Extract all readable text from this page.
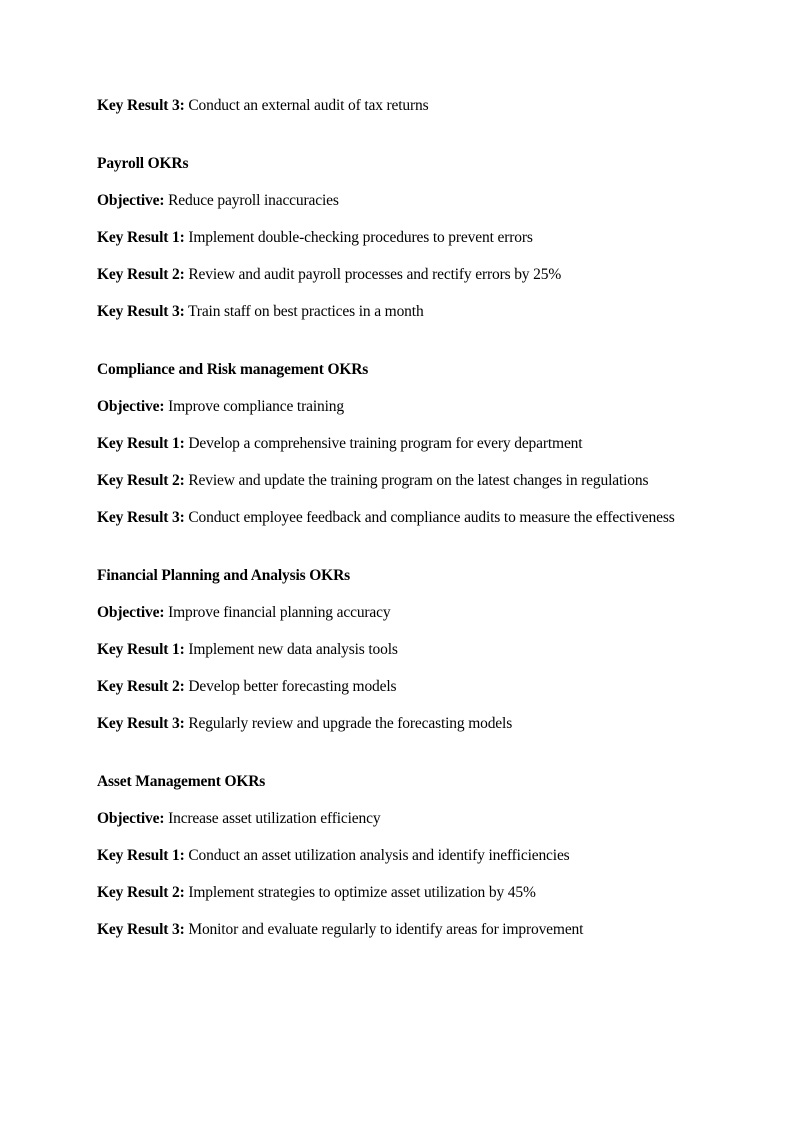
Key Result 3: Conduct an external audit of tax returns

Payroll OKRs

Objective: Reduce payroll inaccuracies

Key Result 1: Implement double-checking procedures to prevent errors

Key Result 2: Review and audit payroll processes and rectify errors by 25%

Key Result 3: Train staff on best practices in a month

Compliance and Risk management OKRs

Objective: Improve compliance training

Key Result 1: Develop a comprehensive training program for every department

Key Result 2: Review and update the training program on the latest changes in regulations

Key Result 3: Conduct employee feedback and compliance audits to measure the effectiveness

Financial Planning and Analysis OKRs

Objective: Improve financial planning accuracy

Key Result 1: Implement new data analysis tools

Key Result 2: Develop better forecasting models

Key Result 3: Regularly review and upgrade the forecasting models

Asset Management OKRs

Objective: Increase asset utilization efficiency

Key Result 1: Conduct an asset utilization analysis and identify inefficiencies

Key Result 2: Implement strategies to optimize asset utilization by 45%

Key Result 3: Monitor and evaluate regularly to identify areas for improvement
